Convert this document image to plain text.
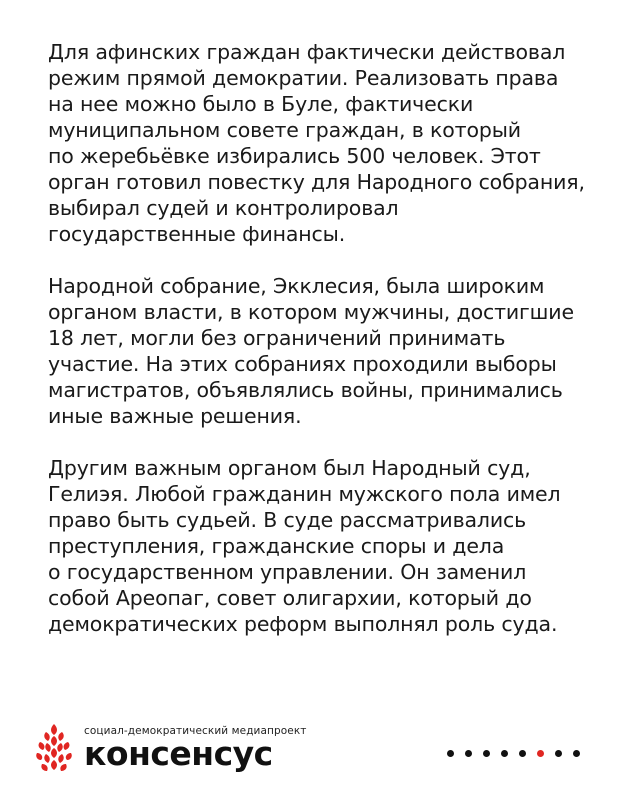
Для афинских граждан фактически действовал
режим прямой демократии. Реализовать права
на нее можно было в Буле, фактически
муниципальном совете граждан, в который
по жеребьёвке избирались 500 человек. Этот
орган готовил повестку для Народного собрания,
выбирал судей и контролировал
государственные финансы.

Народной собрание, Экклесия, была широким
органом власти, в котором мужчины, достигшие
18 лет, могли без ограничений принимать
участие. На этих собраниях проходили выборы
магистратов, объявлялись войны, принимались
иные важные решения.

Другим важным органом был Народный суд,
Гелиэя. Любой гражданин мужского пола имел
право быть судьей. В суде рассматривались
преступления, гражданские споры и дела
о государственном управлении. Он заменил
собой Ареопаг, совет олигархии, который до
демократических реформ выполнял роль суда.

социал-демократический медиапроект
консенсус
